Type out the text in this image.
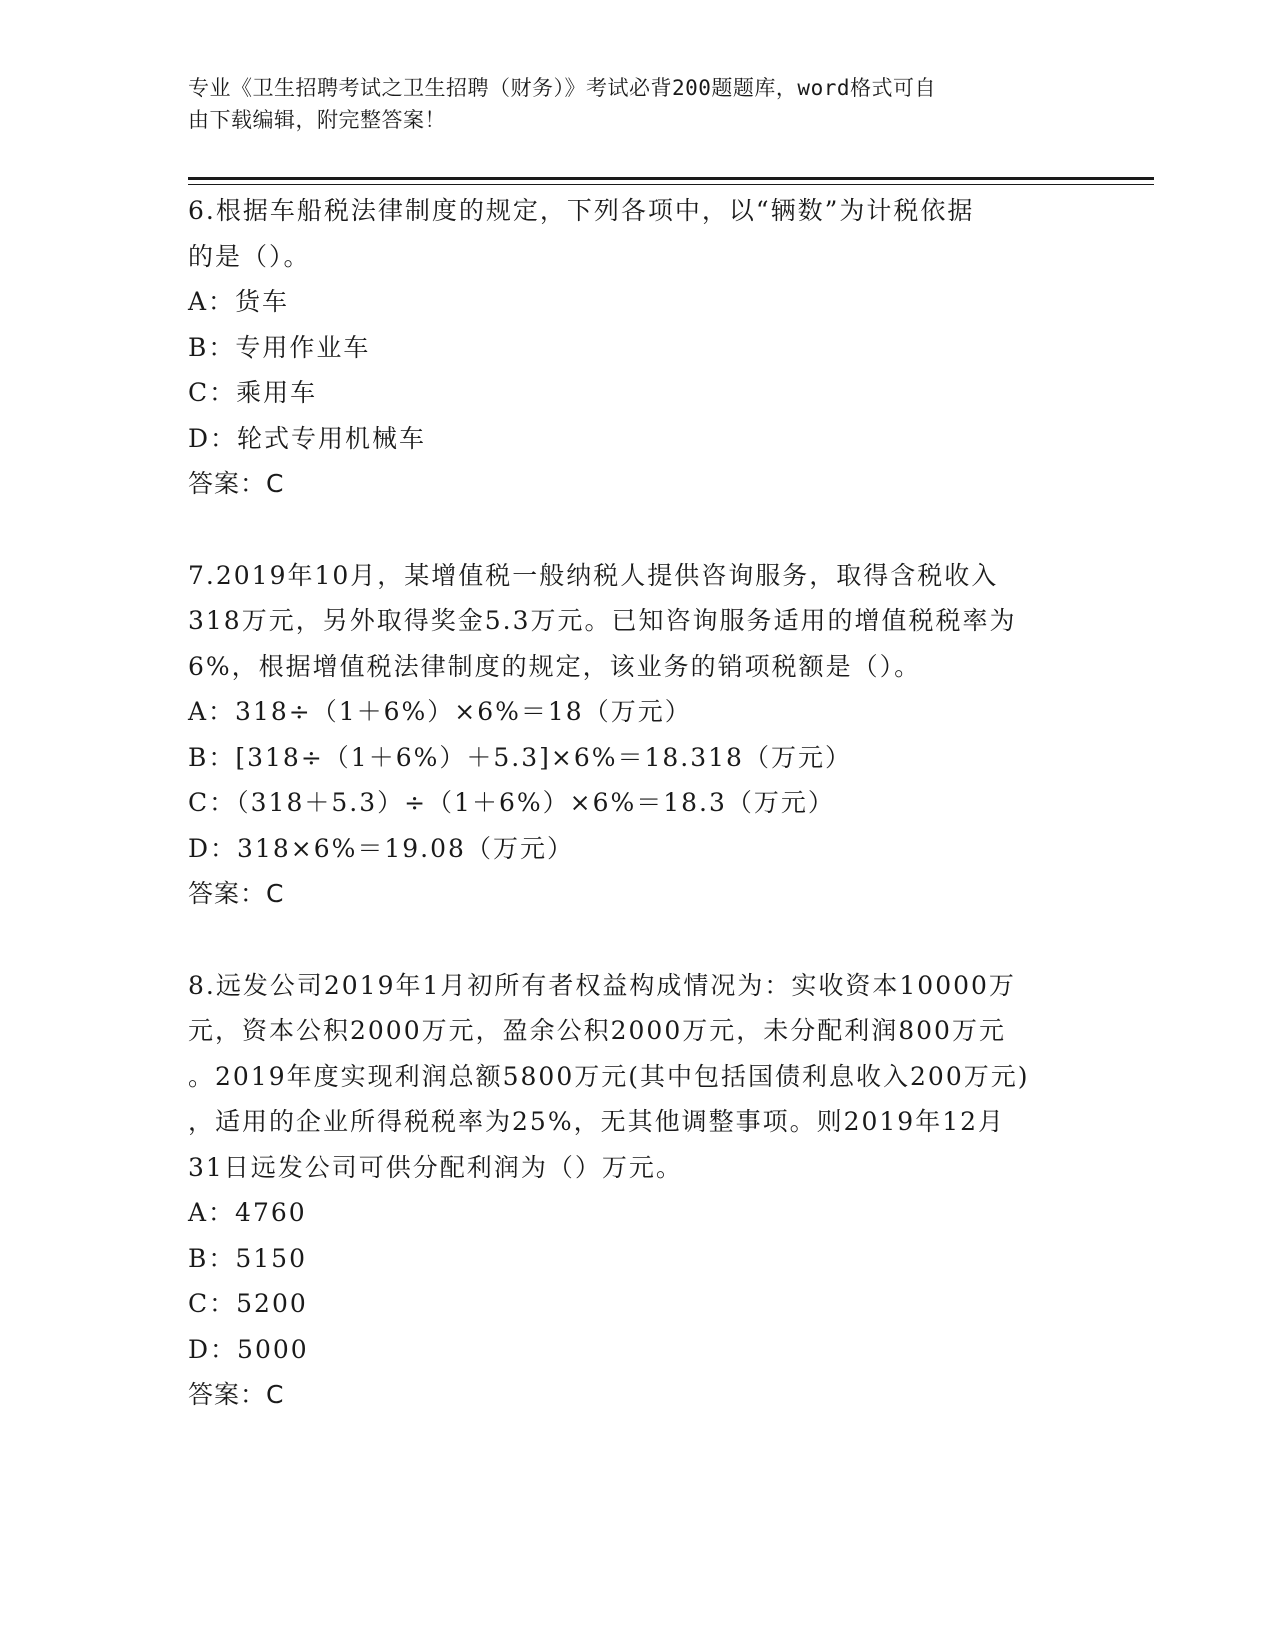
专业《卫生招聘考试之卫生招聘（财务）》考试必背200题题库，word格式可自
由下载编辑，附完整答案！
6.根据车船税法律制度的规定，下列各项中，以“辆数”为计税依据
的是（）。
A：货车
B：专用作业车
C：乘用车
D：轮式专用机械车
答案：C
7.2019年10月，某增值税一般纳税人提供咨询服务，取得含税收入
318万元，另外取得奖金5.3万元。已知咨询服务适用的增值税税率为
6%，根据增值税法律制度的规定，该业务的销项税额是（）。
A：318÷（1＋6%）×6%＝18（万元）
B：[318÷（1＋6%）＋5.3]×6%＝18.318（万元）
C：（318＋5.3）÷（1＋6%）×6%＝18.3（万元）
D：318×6%＝19.08（万元）
答案：C
8.远发公司2019年1月初所有者权益构成情况为：实收资本10000万
元，资本公积2000万元，盈余公积2000万元，未分配利润800万元
。2019年度实现利润总额5800万元(其中包括国债利息收入200万元)
，适用的企业所得税税率为25%，无其他调整事项。则2019年12月
31日远发公司可供分配利润为（）万元。
A：4760
B：5150
C：5200
D：5000
答案：C
